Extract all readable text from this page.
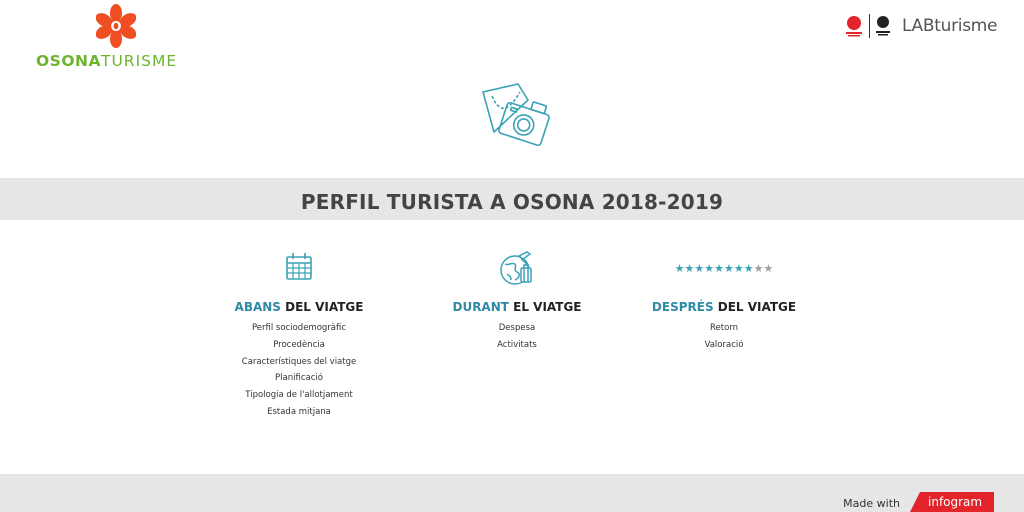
O
OSONATURISME
LABturisme
PERFIL TURISTA A OSONA 2018-2019
ABANS DEL VIATGE
Perfil sociodemogràfic
Procedència
Característiques del viatge
Planificació
Tipologia de l'allotjament
Estada mitjana
DURANT EL VIATGE
Despesa
Activitats
★ ★ ★ ★ ★ ★ ★ ★ ★ ★
DESPRÉS DEL VIATGE
Retorn
Valoració
Made with infogram
